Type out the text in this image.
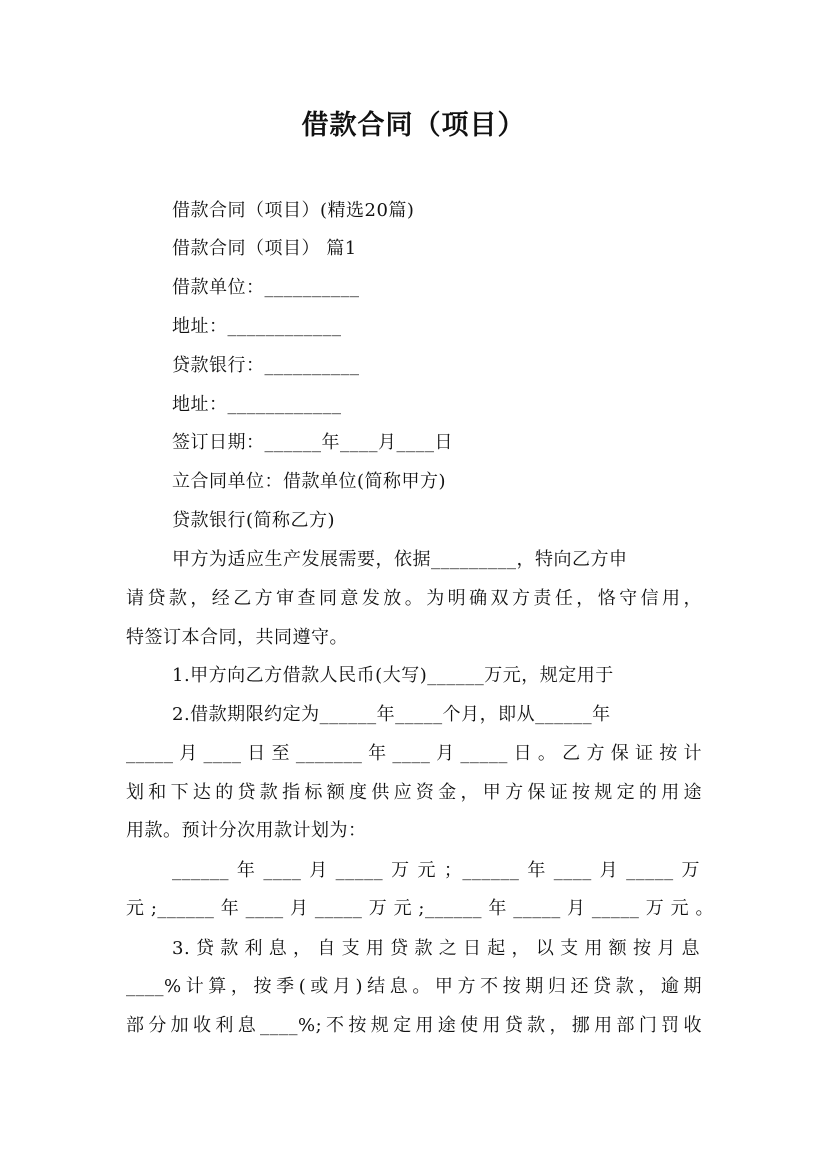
借款合同（项目）
借款合同（项目）(精选20篇)
借款合同（项目） 篇1
借款单位：__________
地址：____________
贷款银行：__________
地址：____________
签订日期：______年____月____日
立合同单位：借款单位(简称甲方)
贷款银行(简称乙方)
甲方为适应生产发展需要，依据_________，特向乙方申
请贷款，经乙方审查同意发放。为明确双方责任，恪守信用，
特签订本合同，共同遵守。
1.甲方向乙方借款人民币(大写)______万元，规定用于
2.借款期限约定为______年_____个月，即从______年
_____月____日至_______年____月_____日。乙方保证按计
划和下达的贷款指标额度供应资金，甲方保证按规定的用途
用款。预计分次用款计划为：
______年____月_____万元；______年____月_____万
元;______年____月_____万元;______年_____月_____万元。
3.贷款利息，自支用贷款之日起，以支用额按月息
____%计算，按季(或月)结息。甲方不按期归还贷款，逾期
部分加收利息____%;不按规定用途使用贷款，挪用部门罚收
